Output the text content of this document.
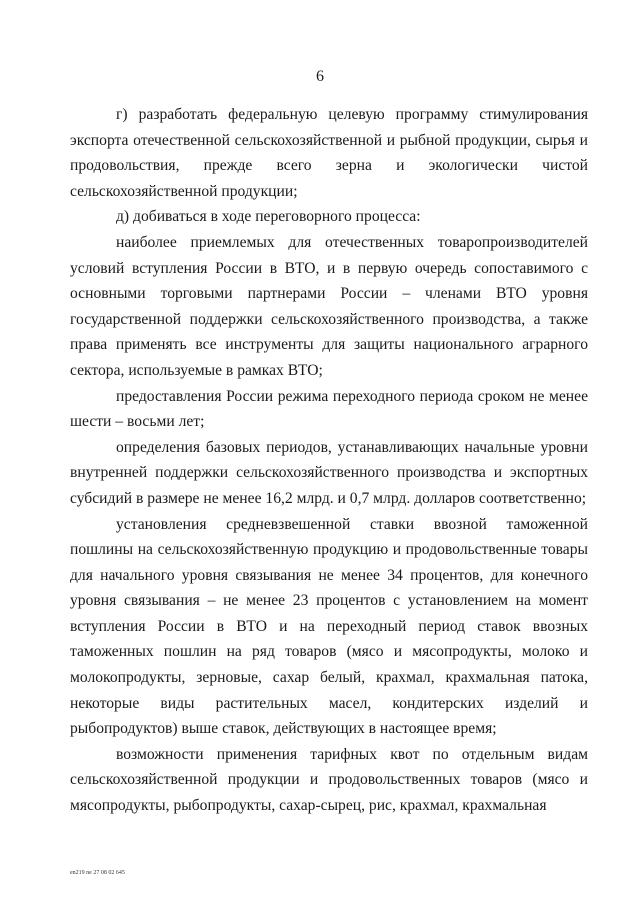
6

г) разработать федеральную целевую программу стимулирования экспорта отечественной сельскохозяйственной и рыбной продукции, сырья и продовольствия, прежде всего зерна и экологически чистой сельскохозяйственной продукции;

д) добиваться в ходе переговорного процесса:

наиболее приемлемых для отечественных товаропроизводителей условий вступления России в ВТО, и в первую очередь сопоставимого с основными торговыми партнерами России – членами ВТО уровня государственной поддержки сельскохозяйственного производства, а также права применять все инструменты для защиты национального аграрного сектора, используемые в рамках ВТО;

предоставления России режима переходного периода сроком не менее шести – восьми лет;

определения базовых периодов, устанавливающих начальные уровни внутренней поддержки сельскохозяйственного производства и экспортных субсидий в размере не менее 16,2 млрд. и 0,7 млрд. долларов соответственно;

установления средневзвешенной ставки ввозной таможенной пошлины на сельскохозяйственную продукцию и продовольственные товары для начального уровня связывания не менее 34 процентов, для конечного уровня связывания – не менее 23 процентов с установлением на момент вступления России в ВТО и на переходный период ставок ввозных таможенных пошлин на ряд товаров (мясо и мясопродукты, молоко и молокопродукты, зерновые, сахар белый, крахмал, крахмальная патока, некоторые виды растительных масел, кондитерских изделий и рыбопродуктов) выше ставок, действующих в настоящее время;

возможности применения тарифных квот по отдельным видам сельскохозяйственной продукции и продовольственных товаров (мясо и мясопродукты, рыбопродукты, сахар-сырец, рис, крахмал, крахмальная

en219 ne 27 08 02 645
